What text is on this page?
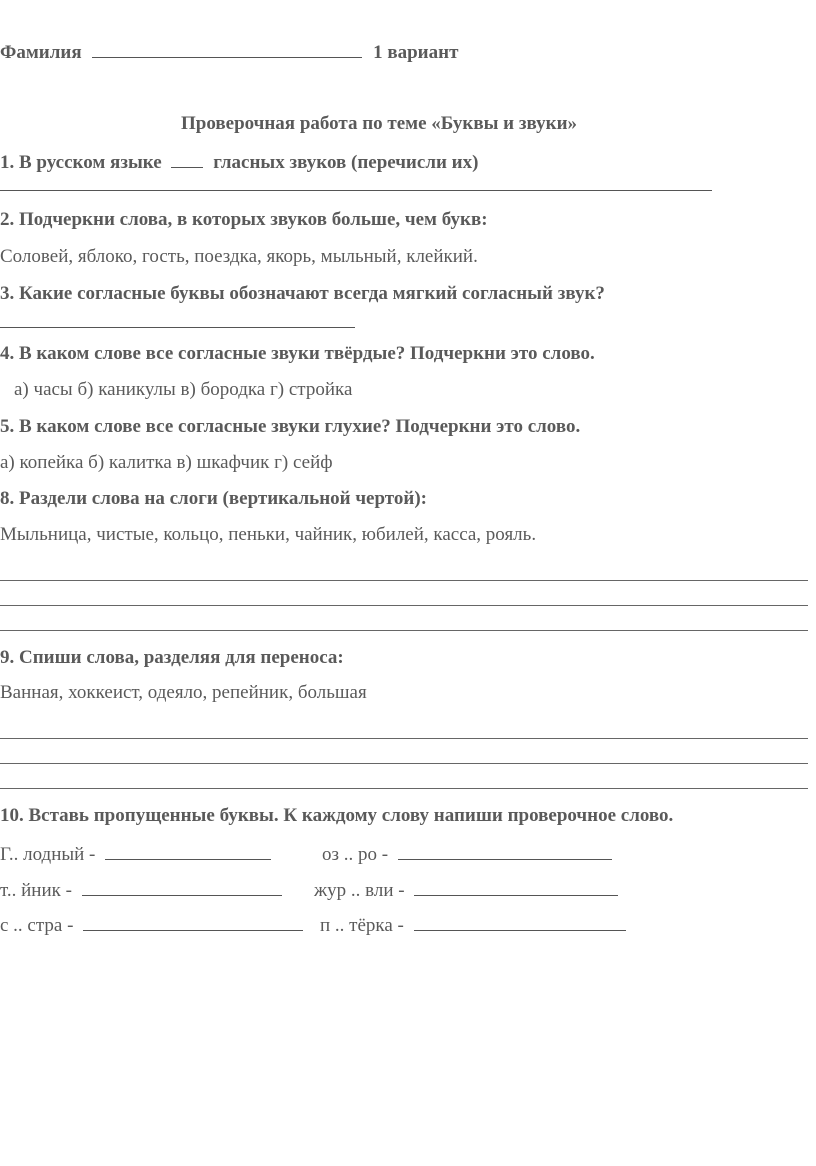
Фамилия	1 вариант
Проверочная работа по теме «Буквы и звуки»
1. В русском языке	гласных звуков (перечисли их)
2. Подчеркни слова, в которых звуков больше, чем букв:
Соловей, яблоко, гость, поездка, якорь, мыльный, клейкий.
3. Какие согласные буквы обозначают всегда мягкий согласный звук?
4. В каком слове все согласные звуки твёрдые? Подчеркни это слово.
а) часы б) каникулы в) бородка г) стройка
5. В каком слове все согласные звуки глухие? Подчеркни это слово.
а) копейка б) калитка в) шкафчик г) сейф
8. Раздели слова на слоги (вертикальной чертой):
Мыльница, чистые, кольцо, пеньки, чайник, юбилей, касса, рояль.
9. Спиши слова, разделяя для переноса:
Ванная, хоккеист, одеяло, репейник, большая
10. Вставь пропущенные буквы. К каждому слову напиши проверочное слово.
Г.. лодный -	оз .. ро -
т.. йник -	жур .. вли -
с .. стра -	п .. тёрка -
